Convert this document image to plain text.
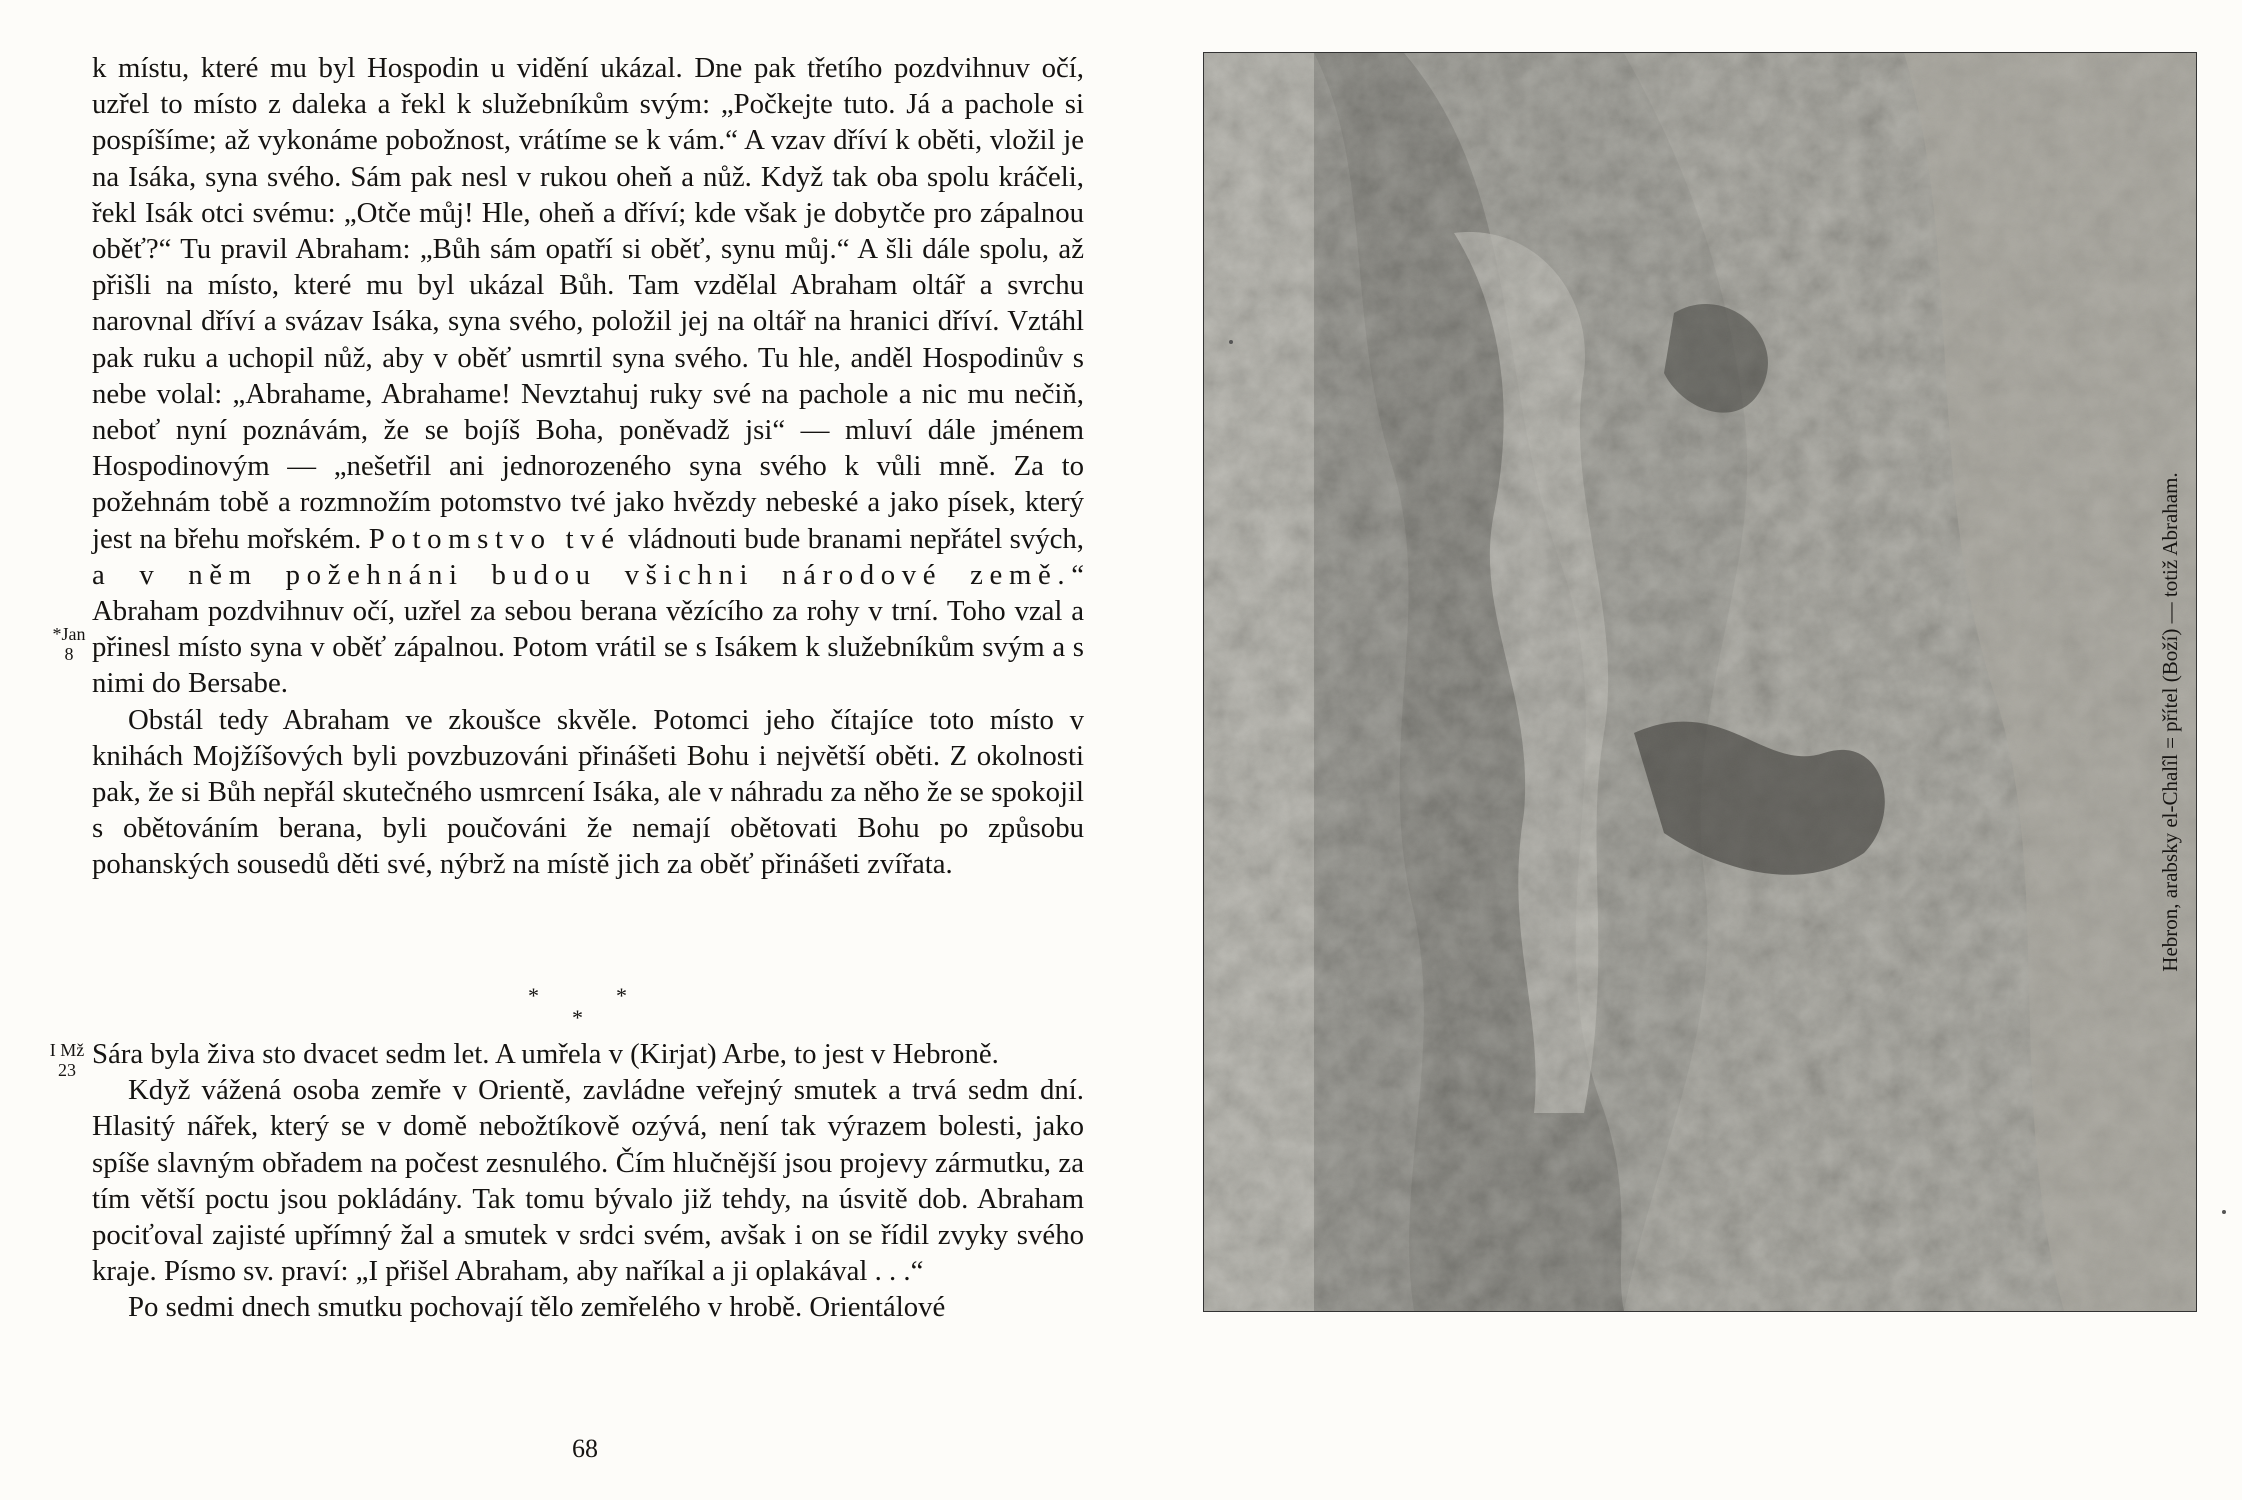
k místu, které mu byl Hospodin u vidění ukázal. Dne pak třetího pozdvihnuv očí, uzřel to místo z daleka a řekl k služebníkům svým: „Počkejte tuto. Já a pachole si pospíšíme; až vykonáme pobožnost, vrátíme se k vám.“ A vzav dříví k oběti, vložil je na Isáka, syna svého. Sám pak nesl v rukou oheň a nůž. Když tak oba spolu kráčeli, řekl Isák otci svému: „Otče můj! Hle, oheň a dříví; kde však je dobytče pro zápalnou oběť?“ Tu pravil Abraham: „Bůh sám opatří si oběť, synu můj.“ A šli dále spolu, až přišli na místo, které mu byl ukázal Bůh. Tam vzdělal Abraham oltář a svrchu narovnal dříví a svázav Isáka, syna svého, položil jej na oltář na hranici dříví. Vztáhl pak ruku a uchopil nůž, aby v oběť usmrtil syna svého. Tu hle, anděl Hospodinův s nebe volal: „Abrahame, Abrahame! Nevztahuj ruky své na pachole a nic mu nečiň, neboť nyní poznávám, že se bojíš Boha, poněvadž jsi“ — mluví dále jménem Hospodinovým — „nešetřil ani jednorozeného syna svého k vůli mně. Za to požehnám tobě a rozmnožím potomstvo tvé jako hvězdy nebeské a jako písek, který jest na břehu mořském. Potomstvo tvé vládnouti bude branami nepřátel svých, a v něm požehnáni budou všichni národové země.“ Abraham pozdvihnuv očí, uzřel za sebou berana vězícího za rohy v trní. Toho vzal a přinesl místo syna v oběť zápalnou. Potom vrátil se s Isákem k služebníkům svým a s nimi do Bersabe.

Obstál tedy Abraham ve zkoušce skvěle. Potomci jeho čítajíce toto místo v knihách Mojžíšových byli povzbuzováni přinášeti Bohu i největší oběti. Z okolnosti pak, že si Bůh nepřál skutečného usmrcení Isáka, ale v náhradu za něho že se spokojil s obětováním berana, byli poučováni že nemají obětovati Bohu po způsobu pohanských sousedů děti své, nýbrž na místě jich za oběť přinášeti zvířata.

*	*
*

Sára byla živa sto dvacet sedm let. A umřela v (Kirjat) Arbe, to jest v Hebroně.

Když vážená osoba zemře v Orientě, zavládne veřejný smutek a trvá sedm dní. Hlasitý nářek, který se v domě nebožtíkově ozývá, není tak výrazem bolesti, jako spíše slavným obřadem na počest zesnulého. Čím hlučnější jsou projevy zármutku, za tím větší poctu jsou pokládány. Tak tomu bývalo již tehdy, na úsvitě dob. Abraham pociťoval zajisté upřímný žal a smutek v srdci svém, avšak i on se řídil zvyky svého kraje. Písmo sv. praví: „I přišel Abraham, aby naříkal a ji oplakával . . .“

Po sedmi dnech smutku pochovají tělo zemřelého v hrobě. Orientálové

*Jan
8
I Mž
23
68
Hebron, arabsky el-Chalîl = přítel (Boží) — totiž Abraham.
